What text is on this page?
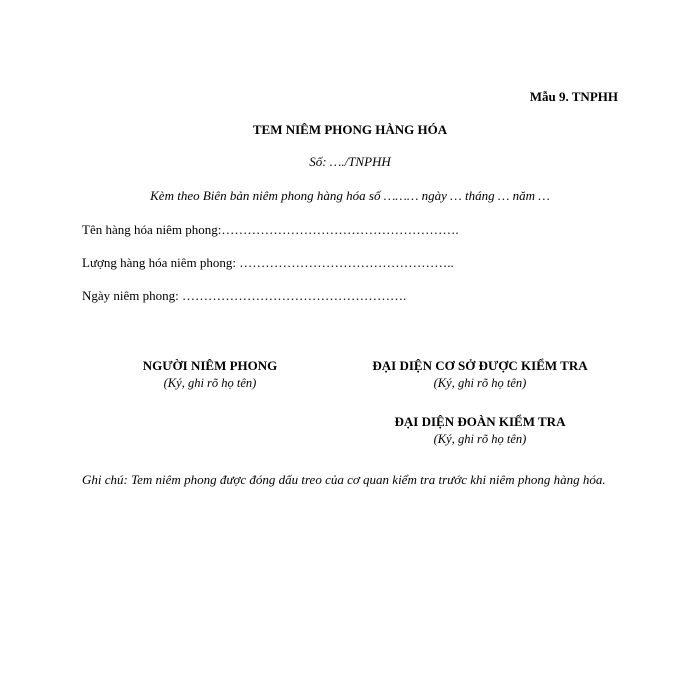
Mẫu 9. TNPHH
TEM NIÊM PHONG HÀNG HÓA
Số: …./TNPHH
Kèm theo Biên bản niêm phong hàng hóa số ……… ngày … tháng … năm …
Tên hàng hóa niêm phong:……………………………………………….
Lượng hàng hóa niêm phong: …………………………………………..
Ngày niêm phong: …………………………………………….
NGƯỜI NIÊM PHONG
(Ký, ghi rõ họ tên)
ĐẠI DIỆN CƠ SỞ ĐƯỢC KIỂM TRA
(Ký, ghi rõ họ tên)
ĐẠI DIỆN ĐOÀN KIỂM TRA
(Ký, ghi rõ họ tên)
Ghi chú: Tem niêm phong được đóng dấu treo của cơ quan kiểm tra trước khi niêm phong hàng hóa.
